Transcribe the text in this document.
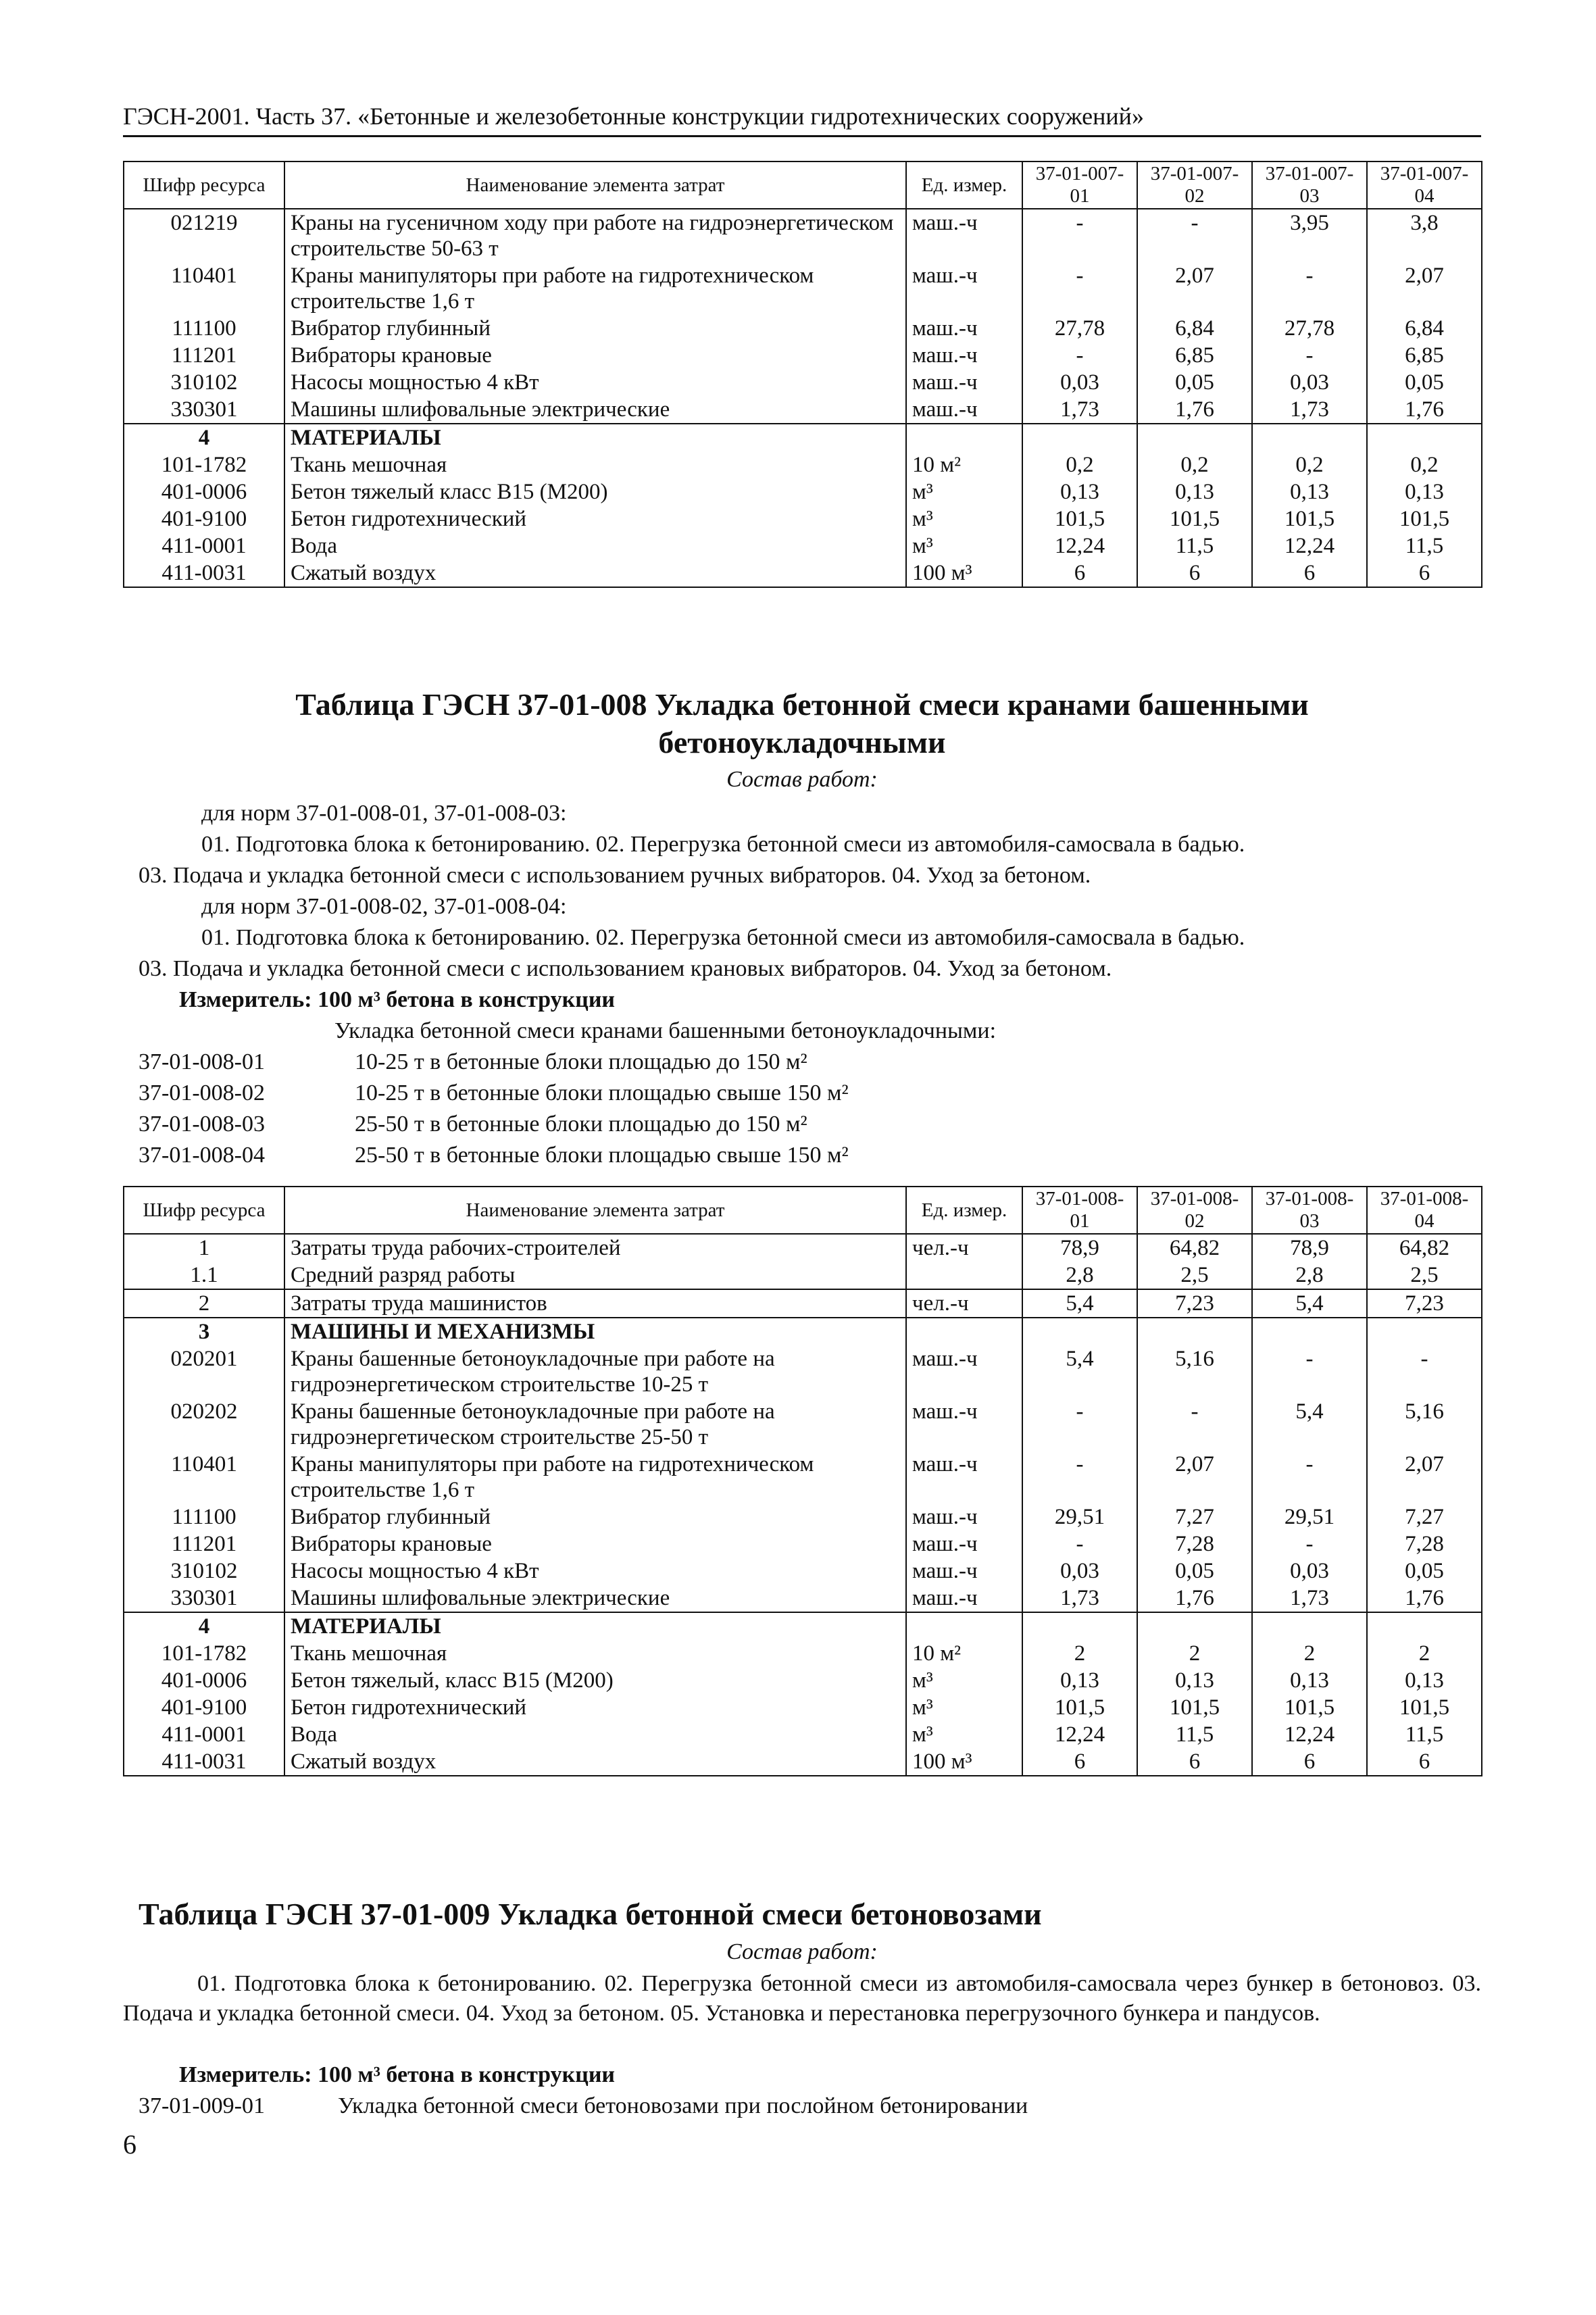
ГЭСН-2001. Часть 37. «Бетонные и железобетонные конструкции гидротехнических сооружений»
Шифр ресурса	Наименование элемента затрат	Ед. измер.	37-01-007-01	37-01-007-02	37-01-007-03	37-01-007-04
021219	Краны на гусеничном ходу при работе на гидроэнергетическом строительстве 50-63 т	маш.-ч	-	-	3,95	3,8
110401	Краны манипуляторы при работе на гидротехническом строительстве 1,6 т	маш.-ч	-	2,07	-	2,07
111100	Вибратор глубинный	маш.-ч	27,78	6,84	27,78	6,84
111201	Вибраторы крановые	маш.-ч	-	6,85	-	6,85
310102	Насосы мощностью 4 кВт	маш.-ч	0,03	0,05	0,03	0,05
330301	Машины шлифовальные электрические	маш.-ч	1,73	1,76	1,73	1,76
4	МАТЕРИАЛЫ					
101-1782	Ткань мешочная	10 м²	0,2	0,2	0,2	0,2
401-0006	Бетон тяжелый класс В15 (М200)	м³	0,13	0,13	0,13	0,13
401-9100	Бетон гидротехнический	м³	101,5	101,5	101,5	101,5
411-0001	Вода	м³	12,24	11,5	12,24	11,5
411-0031	Сжатый воздух	100 м³	6	6	6	6
Таблица ГЭСН 37-01-008 Укладка бетонной смеси кранами башенными
бетоноукладочными
Состав работ:
для норм 37-01-008-01, 37-01-008-03:
01. Подготовка блока к бетонированию. 02. Перегрузка бетонной смеси из автомобиля-самосвала в бадью.
03. Подача и укладка бетонной смеси с использованием ручных вибраторов. 04. Уход за бетоном.
для норм 37-01-008-02, 37-01-008-04:
01. Подготовка блока к бетонированию. 02. Перегрузка бетонной смеси из автомобиля-самосвала в бадью.
03. Подача и укладка бетонной смеси с использованием крановых вибраторов. 04. Уход за бетоном.
Измеритель: 100 м³ бетона в конструкции
Укладка бетонной смеси кранами башенными бетоноукладочными:
37-01-008-01	10-25 т в бетонные блоки площадью до 150 м²
37-01-008-02	10-25 т в бетонные блоки площадью свыше 150 м²
37-01-008-03	25-50 т в бетонные блоки площадью до 150 м²
37-01-008-04	25-50 т в бетонные блоки площадью свыше 150 м²
Шифр ресурса	Наименование элемента затрат	Ед. измер.	37-01-008-01	37-01-008-02	37-01-008-03	37-01-008-04
1	Затраты труда рабочих-строителей	чел.-ч	78,9	64,82	78,9	64,82
1.1	Средний разряд работы		2,8	2,5	2,8	2,5
2	Затраты труда машинистов	чел.-ч	5,4	7,23	5,4	7,23
3	МАШИНЫ И МЕХАНИЗМЫ					
020201	Краны башенные бетоноукладочные при работе на гидроэнергетическом строительстве 10-25 т	маш.-ч	5,4	5,16	-	-
020202	Краны башенные бетоноукладочные при работе на гидроэнергетическом строительстве 25-50 т	маш.-ч	-	-	5,4	5,16
110401	Краны манипуляторы при работе на гидротехническом строительстве 1,6 т	маш.-ч	-	2,07	-	2,07
111100	Вибратор глубинный	маш.-ч	29,51	7,27	29,51	7,27
111201	Вибраторы крановые	маш.-ч	-	7,28	-	7,28
310102	Насосы мощностью 4 кВт	маш.-ч	0,03	0,05	0,03	0,05
330301	Машины шлифовальные электрические	маш.-ч	1,73	1,76	1,73	1,76
4	МАТЕРИАЛЫ					
101-1782	Ткань мешочная	10 м²	2	2	2	2
401-0006	Бетон тяжелый, класс В15 (М200)	м³	0,13	0,13	0,13	0,13
401-9100	Бетон гидротехнический	м³	101,5	101,5	101,5	101,5
411-0001	Вода	м³	12,24	11,5	12,24	11,5
411-0031	Сжатый воздух	100 м³	6	6	6	6
Таблица ГЭСН 37-01-009 Укладка бетонной смеси бетоновозами
Состав работ:
01. Подготовка блока к бетонированию. 02. Перегрузка бетонной смеси из автомобиля-самосвала через бункер в бетоновоз. 03. Подача и укладка бетонной смеси. 04. Уход за бетоном. 05. Установка и перестановка перегрузочного бункера и пандусов.
Измеритель: 100 м³ бетона в конструкции
37-01-009-01	Укладка бетонной смеси бетоновозами при послойном бетонировании
6
